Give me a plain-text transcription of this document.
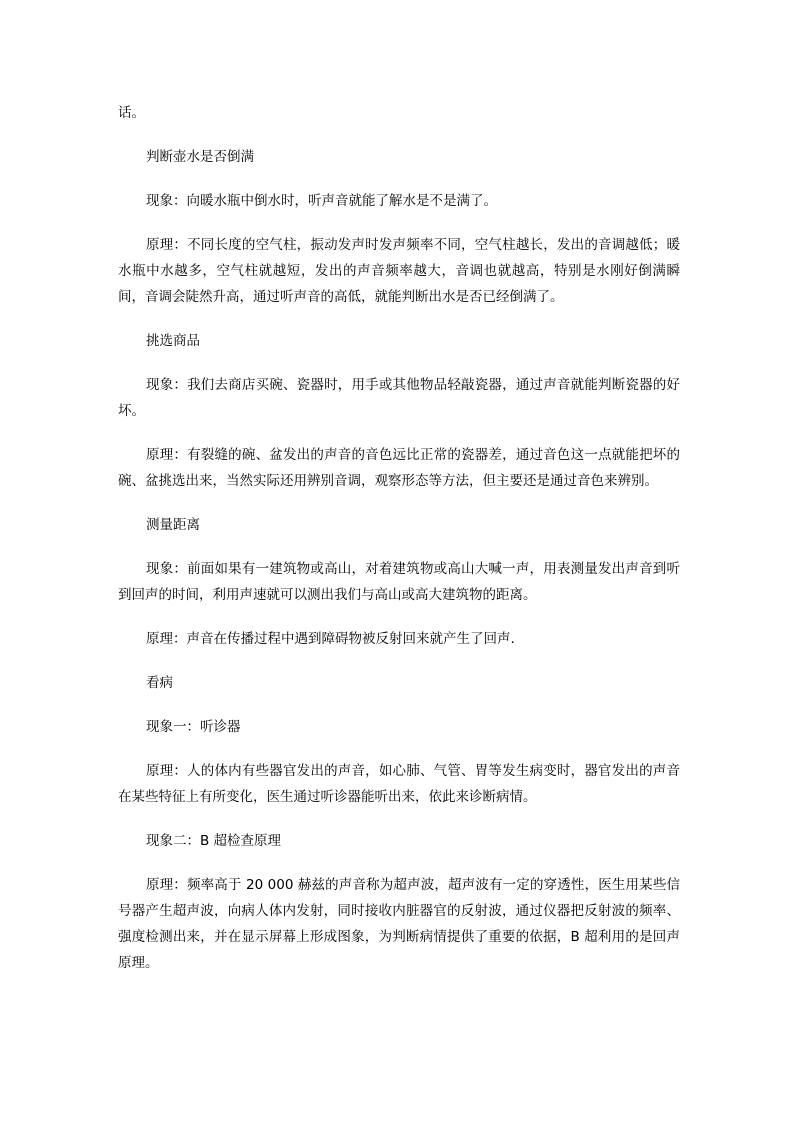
话。

判断壶水是否倒满

现象：向暖水瓶中倒水时，听声音就能了解水是不是满了。

原理：不同长度的空气柱，振动发声时发声频率不同，空气柱越长，发出的音调越低；暖水瓶中水越多，空气柱就越短，发出的声音频率越大，音调也就越高，特别是水刚好倒满瞬间，音调会陡然升高，通过听声音的高低，就能判断出水是否已经倒满了。

挑选商品

现象：我们去商店买碗、瓷器时，用手或其他物品轻敲瓷器，通过声音就能判断瓷器的好坏。

原理：有裂缝的碗、盆发出的声音的音色远比正常的瓷器差，通过音色这一点就能把坏的碗、盆挑选出来，当然实际还用辨别音调，观察形态等方法，但主要还是通过音色来辨别。

测量距离

现象：前面如果有一建筑物或高山，对着建筑物或高山大喊一声，用表测量发出声音到听到回声的时间，利用声速就可以测出我们与高山或高大建筑物的距离。

原理：声音在传播过程中遇到障碍物被反射回来就产生了回声.

看病

现象一：听诊器

原理：人的体内有些器官发出的声音，如心肺、气管、胃等发生病变时，器官发出的声音在某些特征上有所变化，医生通过听诊器能听出来，依此来诊断病情。

现象二：B 超检查原理

原理：频率高于 20 000 赫兹的声音称为超声波，超声波有一定的穿透性，医生用某些信号器产生超声波，向病人体内发射，同时接收内脏器官的反射波，通过仪器把反射波的频率、强度检测出来，并在显示屏幕上形成图象，为判断病情提供了重要的依据，B 超利用的是回声原理。
